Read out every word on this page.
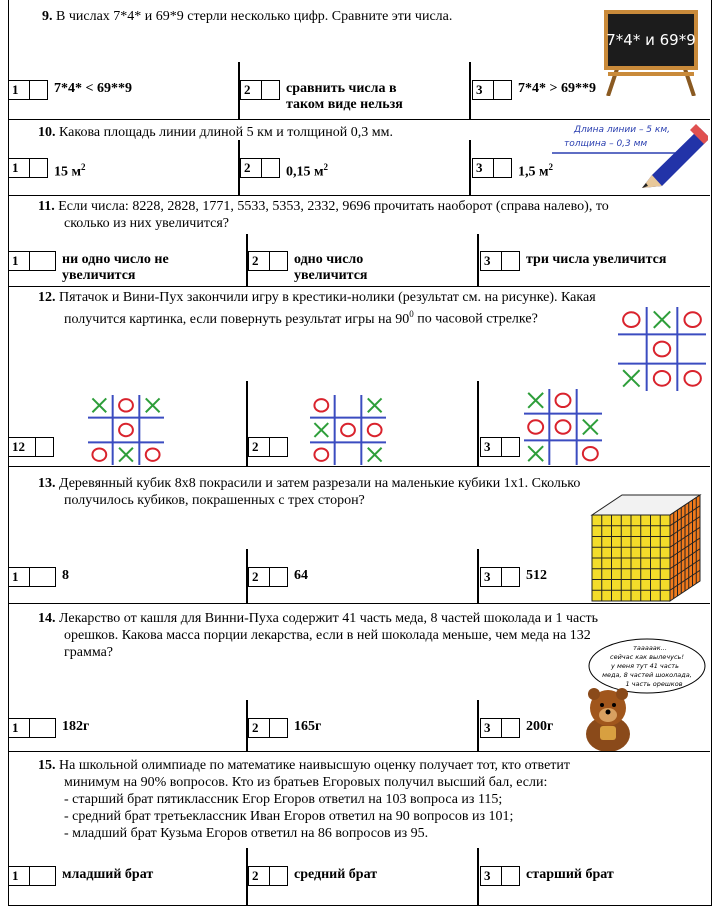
9. В числах 7*4* и 69*9 стерли несколько цифр. Сравните эти числа.
7*4* и 69*9
1	7*4* < 69**9	2	сравнить числа в
таком виде нельзя
3	7*4* > 69**9
10. Какова площадь линии длиной 5 км и толщиной 0,3 мм.	Длина линии – 5 км,
толщина – 0,3 мм
1	15 $м^2$	2	0,15 $м^2$	3	1,5 $м^2$
11. Если числа: 8228, 2828, 1771, 5533, 5353, 2332, 9696 прочитать наоборот (справа налево), то
сколько из них увеличится?
1	ни одно число не
увеличится
2	одно число
увеличится
3	три числа увеличится
12. Пятачок и Вини-Пух закончили игру в крестики-нолики (результат см. на рисунке). Какая
получится картинка, если повернуть результат игры на $90^0$ по часовой стрелке?
12	2	3
13. Деревянный кубик 8х8 покрасили и затем разрезали на маленькие кубики 1х1. Сколько
получилось кубиков, покрашенных с трех сторон?
1	8	2	64	3	512
14. Лекарство от кашля для Винни-Пуха содержит 41 часть меда, 8 частей шоколада и 1 часть
орешков. Какова масса порции лекарства, если в ней шоколада меньше, чем меда на 132
грамма?	тааааак...
сейчас как вылечусь!
у меня тут 41 часть
меда, 8 частей шоколада,
1 часть орешков
1	182г	2	165г	3	200г
15. На школьной олимпиаде по математике наивысшую оценку получает тот, кто ответит
минимум на 90% вопросов. Кто из братьев Егоровых получил высший бал, если:
- старший брат пятиклассник Егор Егоров ответил на 103 вопроса из 115;
- средний брат третьеклассник Иван Егоров ответил на 90 вопросов из 101;
- младший брат Кузьма Егоров ответил на 86 вопросов из 95.
1	младший брат	2	средний брат	3	старший брат
